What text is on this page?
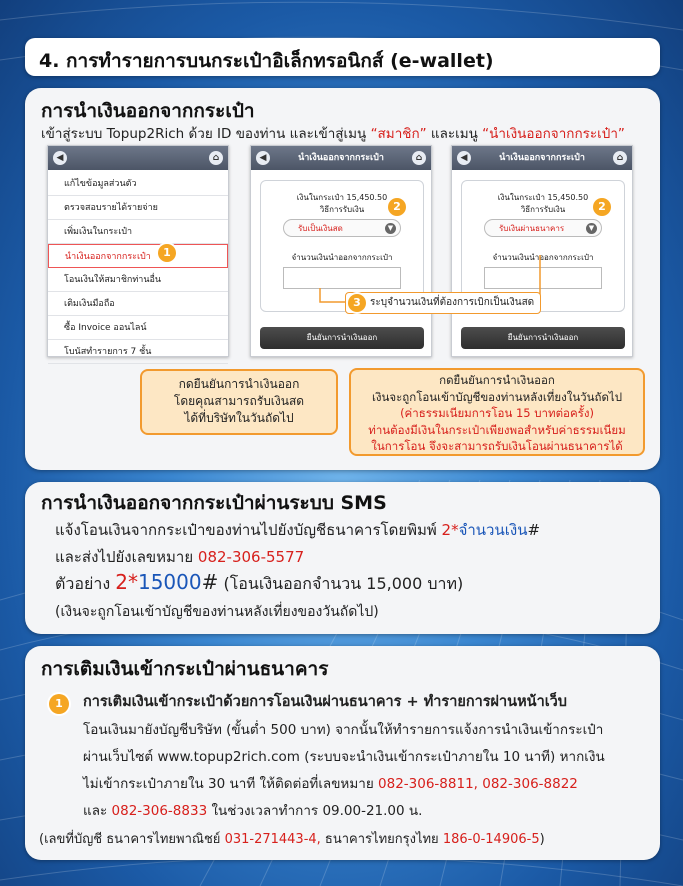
4. การทำรายการบนกระเป๋าอิเล็กทรอนิกส์ (e-wallet)
การนำเงินออกจากกระเป๋า
เข้าสู่ระบบ Topup2Rich ด้วย ID ของท่าน และเข้าสู่เมนู “สมาชิก” และเมนู “นำเงินออกจากกระเป๋า”
◀	⌂
แก้ไขข้อมูลส่วนตัว
ตรวจสอบรายได้รายจ่าย
เพิ่มเงินในกระเป๋า
นำเงินออกจากกระเป๋า
โอนเงินให้สมาชิกท่านอื่น
เติมเงินมือถือ
ซื้อ Invoice ออนไลน์
โบนัสทำรายการ 7 ชั้น
1
◀	นำเงินออกจากกระเป๋า	⌂
เงินในกระเป๋า 15,450.50
วิธีการรับเงิน
รับเป็นเงินสด	▼
จำนวนเงินนำออกจากกระเป๋า
ยืนยันการนำเงินออก
2
◀	นำเงินออกจากกระเป๋า	⌂
เงินในกระเป๋า 15,450.50
วิธีการรับเงิน
รับเงินผ่านธนาคาร	▼
จำนวนเงินนำออกจากกระเป๋า
ยืนยันการนำเงินออก
2
3 ระบุจำนวนเงินที่ต้องการเบิกเป็นเงินสด
กดยืนยันการนำเงินออก
โดยคุณสามารถรับเงินสด
ได้ที่บริษัทในวันถัดไป
กดยืนยันการนำเงินออก
เงินจะถูกโอนเข้าบัญชีของท่านหลังเที่ยงในวันถัดไป
(ค่าธรรมเนียมการโอน 15 บาทต่อครั้ง)
ท่านต้องมีเงินในกระเป๋าเพียงพอสำหรับค่าธรรมเนียม
ในการโอน จึงจะสามารถรับเงินโอนผ่านธนาคารได้
การนำเงินออกจากกระเป๋าผ่านระบบ SMS
แจ้งโอนเงินจากกระเป๋าของท่านไปยังบัญชีธนาคารโดยพิมพ์ 2*จำนวนเงิน#
และส่งไปยังเลขหมาย 082-306-5577
ตัวอย่าง 2*15000# (โอนเงินออกจำนวน 15,000 บาท)
(เงินจะถูกโอนเข้าบัญชีของท่านหลังเที่ยงของวันถัดไป)
การเติมเงินเข้ากระเป๋าผ่านธนาคาร
1	การเติมเงินเข้ากระเป๋าด้วยการโอนเงินผ่านธนาคาร + ทำรายการผ่านหน้าเว็บ
โอนเงินมายังบัญชีบริษัท (ขั้นต่ำ 500 บาท) จากนั้นให้ทำรายการแจ้งการนำเงินเข้ากระเป๋า
ผ่านเว็บไซต์ www.topup2rich.com (ระบบจะนำเงินเข้ากระเป๋าภายใน 10 นาที) หากเงิน
ไม่เข้ากระเป๋าภายใน 30 นาที ให้ติดต่อที่เลขหมาย 082-306-8811, 082-306-8822
และ 082-306-8833 ในช่วงเวลาทำการ 09.00-21.00 น.
(เลขที่บัญชี ธนาคารไทยพาณิชย์ 031-271443-4, ธนาคารไทยกรุงไทย 186-0-14906-5)
